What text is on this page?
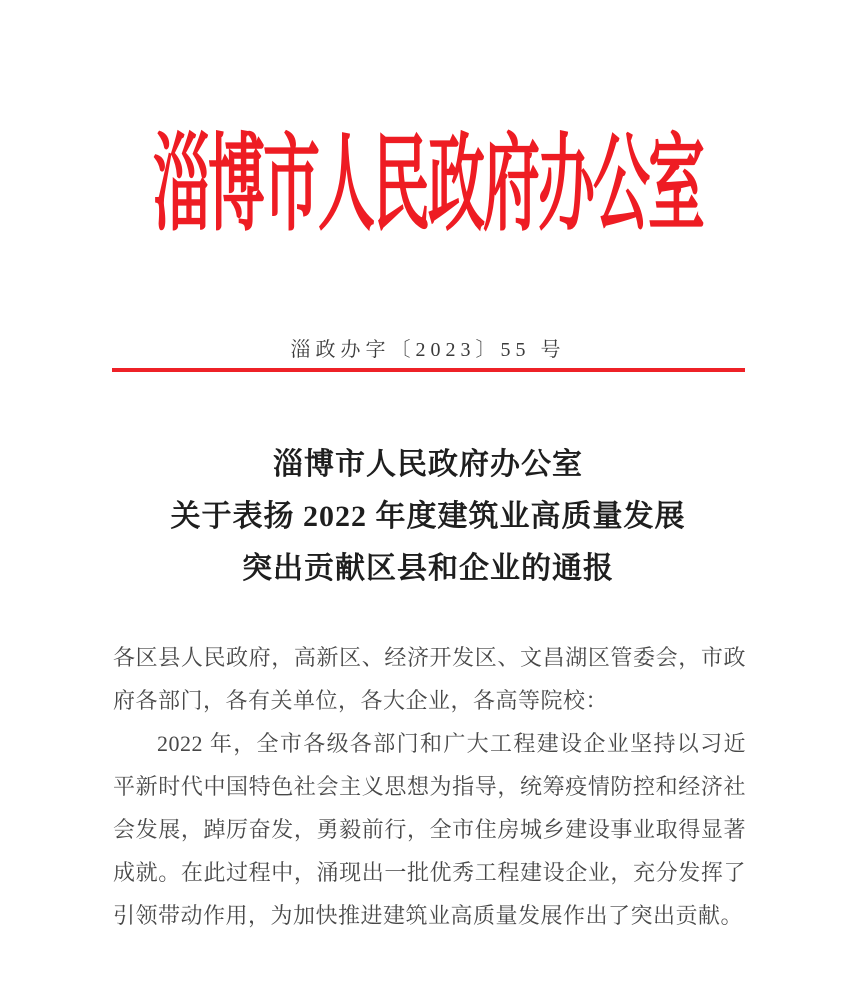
淄博市人民政府办公室
淄政办字〔2023〕55 号
淄博市人民政府办公室
关于表扬 2022 年度建筑业高质量发展
突出贡献区县和企业的通报

各区县人民政府，高新区、经济开发区、文昌湖区管委会，市政府各部门，各有关单位，各大企业，各高等院校：

2022 年，全市各级各部门和广大工程建设企业坚持以习近平新时代中国特色社会主义思想为指导，统筹疫情防控和经济社会发展，踔厉奋发，勇毅前行，全市住房城乡建设事业取得显著成就。在此过程中，涌现出一批优秀工程建设企业，充分发挥了引领带动作用，为加快推进建筑业高质量发展作出了突出贡献。
